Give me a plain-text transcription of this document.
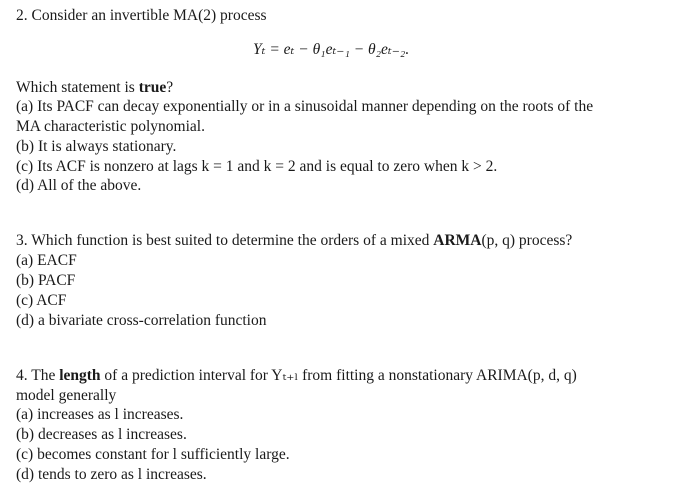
2. Consider an invertible MA(2) process
Yₜ = eₜ − θ₁eₜ₋₁ − θ₂eₜ₋₂.
Which statement is true?
(a) Its PACF can decay exponentially or in a sinusoidal manner depending on the roots of the
MA characteristic polynomial.
(b) It is always stationary.
(c) Its ACF is nonzero at lags k = 1 and k = 2 and is equal to zero when k > 2.
(d) All of the above.
3. Which function is best suited to determine the orders of a mixed ARMA(p, q) process?
(a) EACF
(b) PACF
(c) ACF
(d) a bivariate cross-correlation function
4. The length of a prediction interval for Yₜ₊ₗ from fitting a nonstationary ARIMA(p, d, q)
model generally
(a) increases as l increases.
(b) decreases as l increases.
(c) becomes constant for l sufficiently large.
(d) tends to zero as l increases.
